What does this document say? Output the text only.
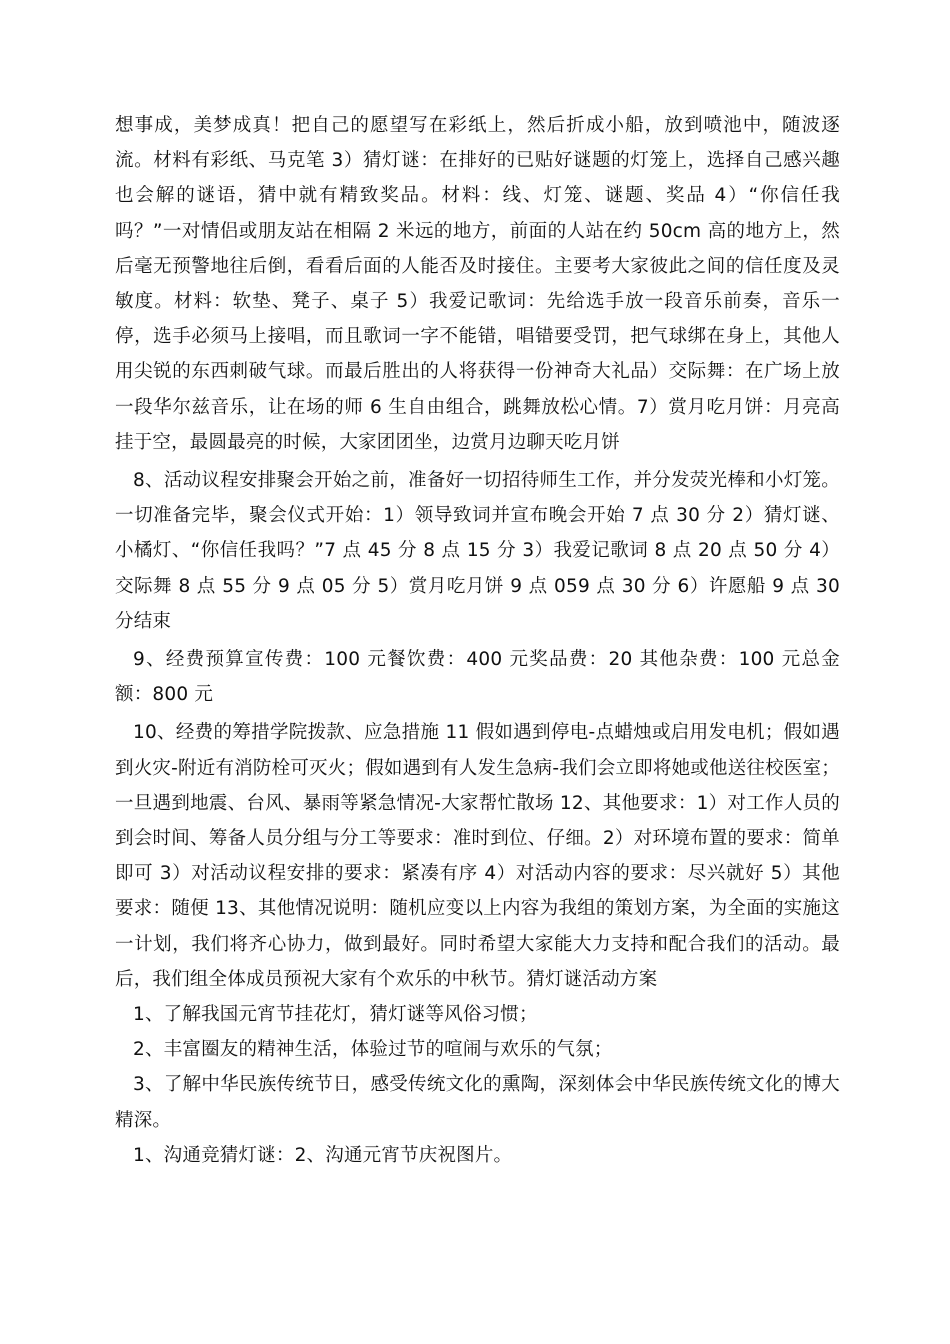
想事成，美梦成真！把自己的愿望写在彩纸上，然后折成小船，放到喷池中，随波逐流。材料有彩纸、马克笔 3）猜灯谜：在排好的已贴好谜题的灯笼上，选择自己感兴趣也会解的谜语，猜中就有精致奖品。材料：线、灯笼、谜题、奖品 4）“你信任我吗？”一对情侣或朋友站在相隔 2 米远的地方，前面的人站在约 50cm 高的地方上，然后毫无预警地往后倒，看看后面的人能否及时接住。主要考大家彼此之间的信任度及灵敏度。材料：软垫、凳子、桌子 5）我爱记歌词：先给选手放一段音乐前奏，音乐一停，选手必须马上接唱，而且歌词一字不能错，唱错要受罚，把气球绑在身上，其他人用尖锐的东西刺破气球。而最后胜出的人将获得一份神奇大礼品）交际舞：在广场上放一段华尔兹音乐，让在场的师 6 生自由组合，跳舞放松心情。7）赏月吃月饼：月亮高挂于空，最圆最亮的时候，大家团团坐，边赏月边聊天吃月饼

8、活动议程安排聚会开始之前，准备好一切招待师生工作，并分发荧光棒和小灯笼。一切准备完毕，聚会仪式开始：1）领导致词并宣布晚会开始 7 点 30 分 2）猜灯谜、小橘灯、“你信任我吗？”7 点 45 分 8 点 15 分 3）我爱记歌词 8 点 20 点 50 分 4）交际舞 8 点 55 分 9 点 05 分 5）赏月吃月饼 9 点 059 点 30 分 6）许愿船 9 点 30 分结束

9、经费预算宣传费：100 元餐饮费：400 元奖品费：20 其他杂费：100 元总金额：800 元

10、经费的筹措学院拨款、应急措施 11 假如遇到停电-点蜡烛或启用发电机；假如遇到火灾-附近有消防栓可灭火；假如遇到有人发生急病-我们会立即将她或他送往校医室；一旦遇到地震、台风、暴雨等紧急情况-大家帮忙散场 12、其他要求：1）对工作人员的到会时间、筹备人员分组与分工等要求：准时到位、仔细。2）对环境布置的要求：简单即可 3）对活动议程安排的要求：紧凑有序 4）对活动内容的要求：尽兴就好 5）其他要求：随便 13、其他情况说明：随机应变以上内容为我组的策划方案，为全面的实施这一计划，我们将齐心协力，做到最好。同时希望大家能大力支持和配合我们的活动。最后，我们组全体成员预祝大家有个欢乐的中秋节。猜灯谜活动方案

1、了解我国元宵节挂花灯，猜灯谜等风俗习惯；

2、丰富圈友的精神生活，体验过节的喧闹与欢乐的气氛；

3、了解中华民族传统节日，感受传统文化的熏陶，深刻体会中华民族传统文化的博大精深。

1、沟通竞猜灯谜：2、沟通元宵节庆祝图片。
